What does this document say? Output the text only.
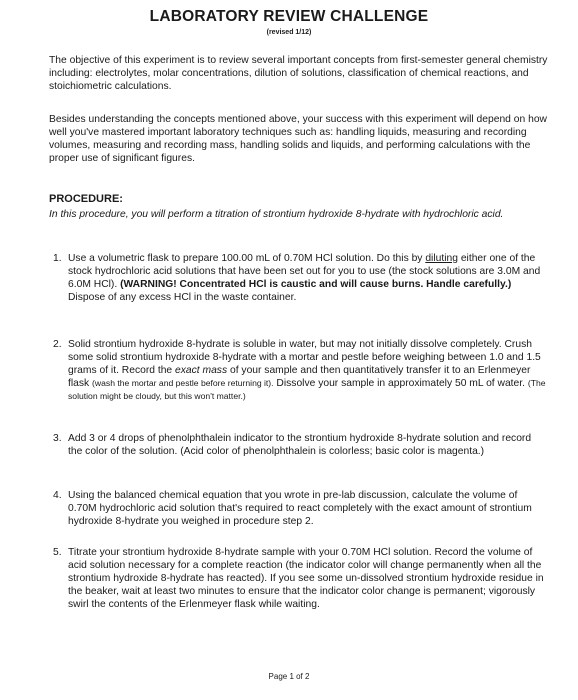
LABORATORY REVIEW CHALLENGE

(revised 1/12)

The objective of this experiment is to review several important concepts from first-semester general chemistry including: electrolytes, molar concentrations, dilution of solutions, classification of chemical reactions, and stoichiometric calculations.

Besides understanding the concepts mentioned above, your success with this experiment will depend on how well you've mastered important laboratory techniques such as: handling liquids, measuring and recording volumes, measuring and recording mass, handling solids and liquids, and performing calculations with the proper use of significant figures.

PROCEDURE:

In this procedure, you will perform a titration of strontium hydroxide 8-hydrate with hydrochloric acid.

1. Use a volumetric flask to prepare 100.00 mL of 0.70M HCl solution. Do this by diluting either one of the stock hydrochloric acid solutions that have been set out for you to use (the stock solutions are 3.0M and 6.0M HCl). (WARNING! Concentrated HCl is caustic and will cause burns. Handle carefully.) Dispose of any excess HCl in the waste container.
2. Solid strontium hydroxide 8-hydrate is soluble in water, but may not initially dissolve completely. Crush some solid strontium hydroxide 8-hydrate with a mortar and pestle before weighing between 1.0 and 1.5 grams of it. Record the exact mass of your sample and then quantitatively transfer it to an Erlenmeyer flask (wash the mortar and pestle before returning it). Dissolve your sample in approximately 50 mL of water. (The solution might be cloudy, but this won't matter.)
3. Add 3 or 4 drops of phenolphthalein indicator to the strontium hydroxide 8-hydrate solution and record the color of the solution. (Acid color of phenolphthalein is colorless; basic color is magenta.)
4. Using the balanced chemical equation that you wrote in pre-lab discussion, calculate the volume of 0.70M hydrochloric acid solution that's required to react completely with the exact amount of strontium hydroxide 8-hydrate you weighed in procedure step 2.
5. Titrate your strontium hydroxide 8-hydrate sample with your 0.70M HCl solution. Record the volume of acid solution necessary for a complete reaction (the indicator color will change permanently when all the strontium hydroxide 8-hydrate has reacted). If you see some un-dissolved strontium hydroxide residue in the beaker, wait at least two minutes to ensure that the indicator color change is permanent; vigorously swirl the contents of the Erlenmeyer flask while waiting.

Page 1 of 2
